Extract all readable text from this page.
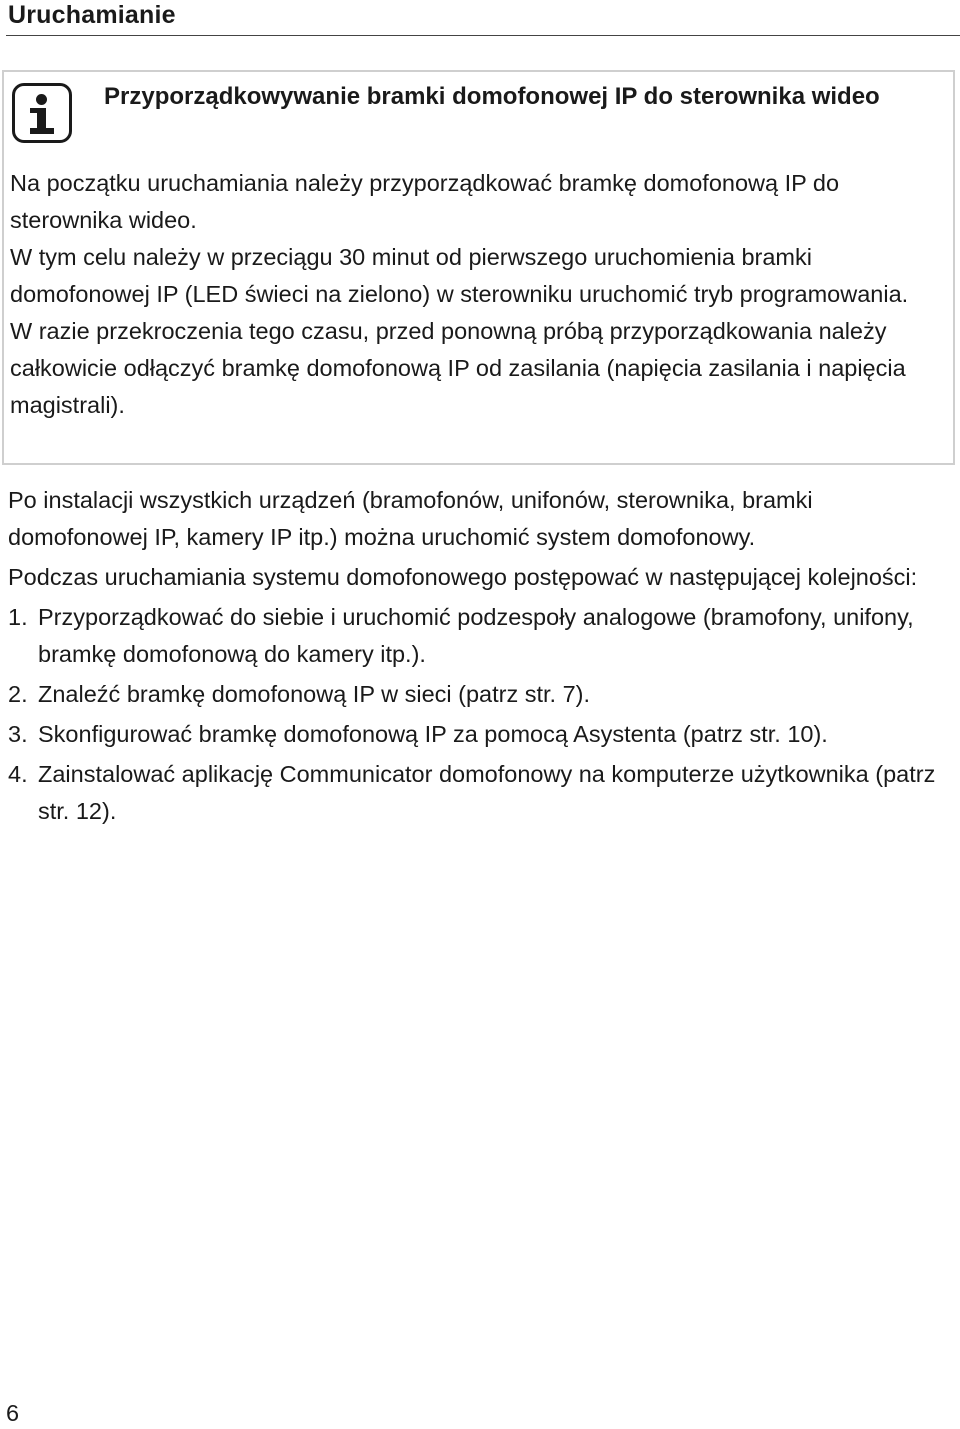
Uruchamianie
Przyporządkowywanie bramki domofonowej IP do sterownika wideo

Na początku uruchamiania należy przyporządkować bramkę domofonową IP do sterownika wideo.

W tym celu należy w przeciągu 30 minut od pierwszego uruchomienia bramki domofonowej IP (LED świeci na zielono) w sterowniku uruchomić tryb programowania.

W razie przekroczenia tego czasu, przed ponowną próbą przyporządkowania należy całkowicie odłączyć bramkę domofonową IP od zasilania (napięcia zasilania i napięcia magistrali).

Po instalacji wszystkich urządzeń (bramofonów, unifonów, sterownika, bramki domofonowej IP, kamery IP itp.) można uruchomić system domofonowy.

Podczas uruchamiania systemu domofonowego postępować w następującej kolejności:

1. Przyporządkować do siebie i uruchomić podzespoły analogowe (bramofony, unifony, bramkę domofonową do kamery itp.).
2. Znaleźć bramkę domofonową IP w sieci (patrz str. 7).
3. Skonfigurować bramkę domofonową IP za pomocą Asystenta (patrz str. 10).
4. Zainstalować aplikację Communicator domofonowy na komputerze użytkownika (patrz str. 12).
6
